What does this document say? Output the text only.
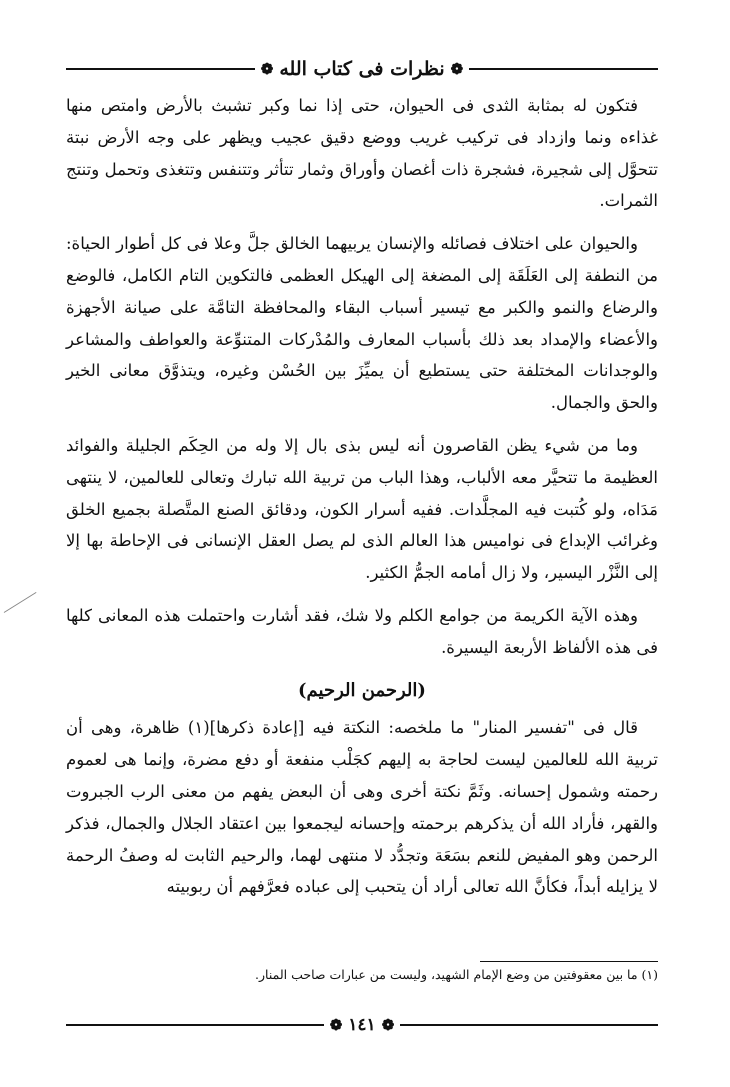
❁
نظرات فى كتاب الله
❁

فتكون له بمثابة الثدى فى الحيوان، حتى إذا نما وكبر تشبث بالأرض وامتص منها غذاءه ونما وازداد فى تركيب غريب ووضع دقيق عجيب ويظهر على وجه الأرض نبتة تتحوَّل إلى شجيرة، فشجرة ذات أغصان وأوراق وثمار تتأثر وتتنفس وتتغذى وتحمل وتنتج الثمرات.

والحيوان على اختلاف فصائله والإنسان يربيهما الخالق جلَّ وعلا فى كل أطوار الحياة: من النطفة إلى العَلَقَة إلى المضغة إلى الهيكل العظمى فالتكوين التام الكامل، فالوضع والرضاع والنمو والكبر مع تيسير أسباب البقاء والمحافظة التامَّة على صيانة الأجهزة والأعضاء والإمداد بعد ذلك بأسباب المعارف والمُدْركات المتنوِّعة والعواطف والمشاعر والوجدانات المختلفة حتى يستطيع أن يميِّزَ بين الحُسْن وغيره، ويتذوَّق معانى الخير والحق والجمال.

وما من شيء يظن القاصرون أنه ليس بذى بال إلا وله من الحِكَم الجليلة والفوائد العظيمة ما تتحيَّر معه الألباب، وهذا الباب من تربية الله تبارك وتعالى للعالمين، لا ينتهى مَدَاه، ولو كُتبت فيه المجلَّدات. ففيه أسرار الكون، ودقائق الصنع المتَّصلة بجميع الخلق وغرائب الإبداع فى نواميس هذا العالم الذى لم يصل العقل الإنسانى فى الإحاطة بها إلا إلى النَّزْر اليسير، ولا زال أمامه الجمُّ الكثير.

وهذه الآية الكريمة من جوامع الكلم ولا شك، فقد أشارت واحتملت هذه المعانى كلها فى هذه الألفاظ الأربعة اليسيرة.

(الرحمن الرحيم)

قال فى "تفسير المنار" ما ملخصه: النكتة فيه [إعادة ذكرها](١) ظاهرة، وهى أن تربية الله للعالمين ليست لحاجة به إليهم كجَلْب منفعة أو دفع مضرة، وإنما هى لعموم رحمته وشمول إحسانه. وثَمَّ نكتة أخرى وهى أن البعض يفهم من معنى الرب الجبروت والقهر، فأراد الله أن يذكرهم برحمته وإحسانه ليجمعوا بين اعتقاد الجلال والجمال، فذكر الرحمن وهو المفيض للنعم بسَعَة وتجدُّد لا منتهى لهما، والرحيم الثابت له وصفُ الرحمة لا يزايله أبداً، فكأنَّ الله تعالى أراد أن يتحبب إلى عباده فعرَّفهم أن ربوبيته

(١) ما بين معقوفتين من وضع الإمام الشهيد، وليست من عبارات صاحب المنار.
❁
١٤١
❁
